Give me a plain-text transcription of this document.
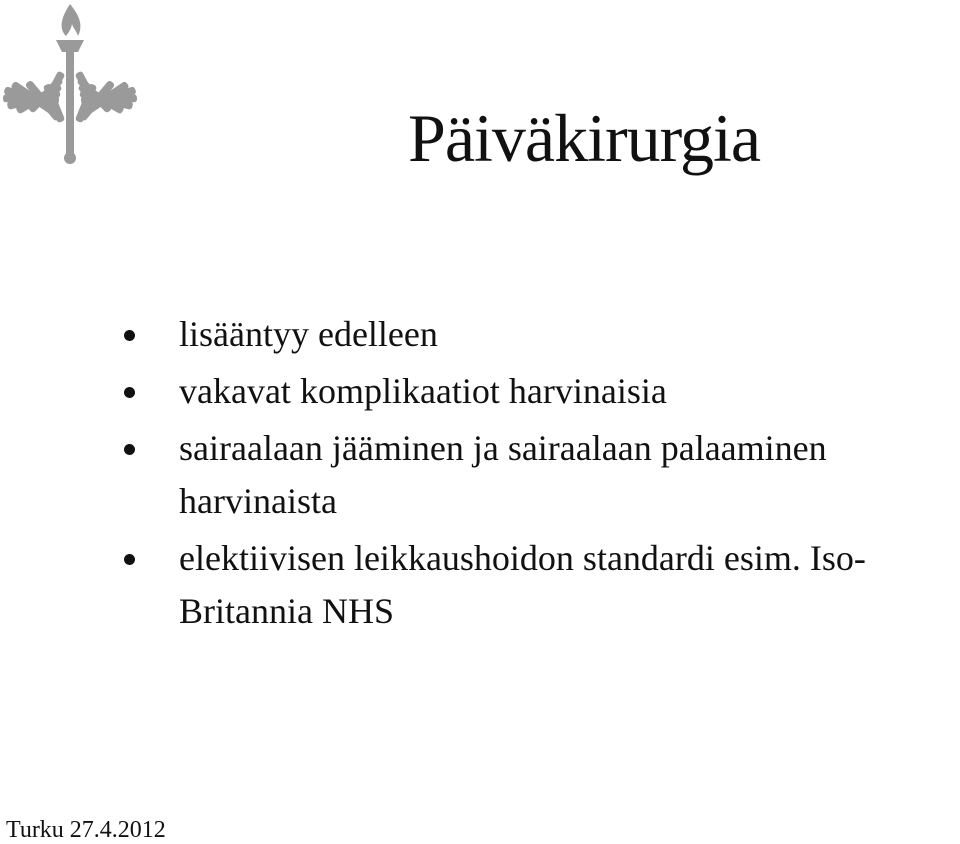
Päiväkirurgia
lisääntyy edelleen
vakavat komplikaatiot harvinaisia
sairaalaan jääminen ja sairaalaan palaaminen harvinaista
elektiivisen leikkaushoidon standardi esim. Iso-Britannia NHS
Turku 27.4.2012
